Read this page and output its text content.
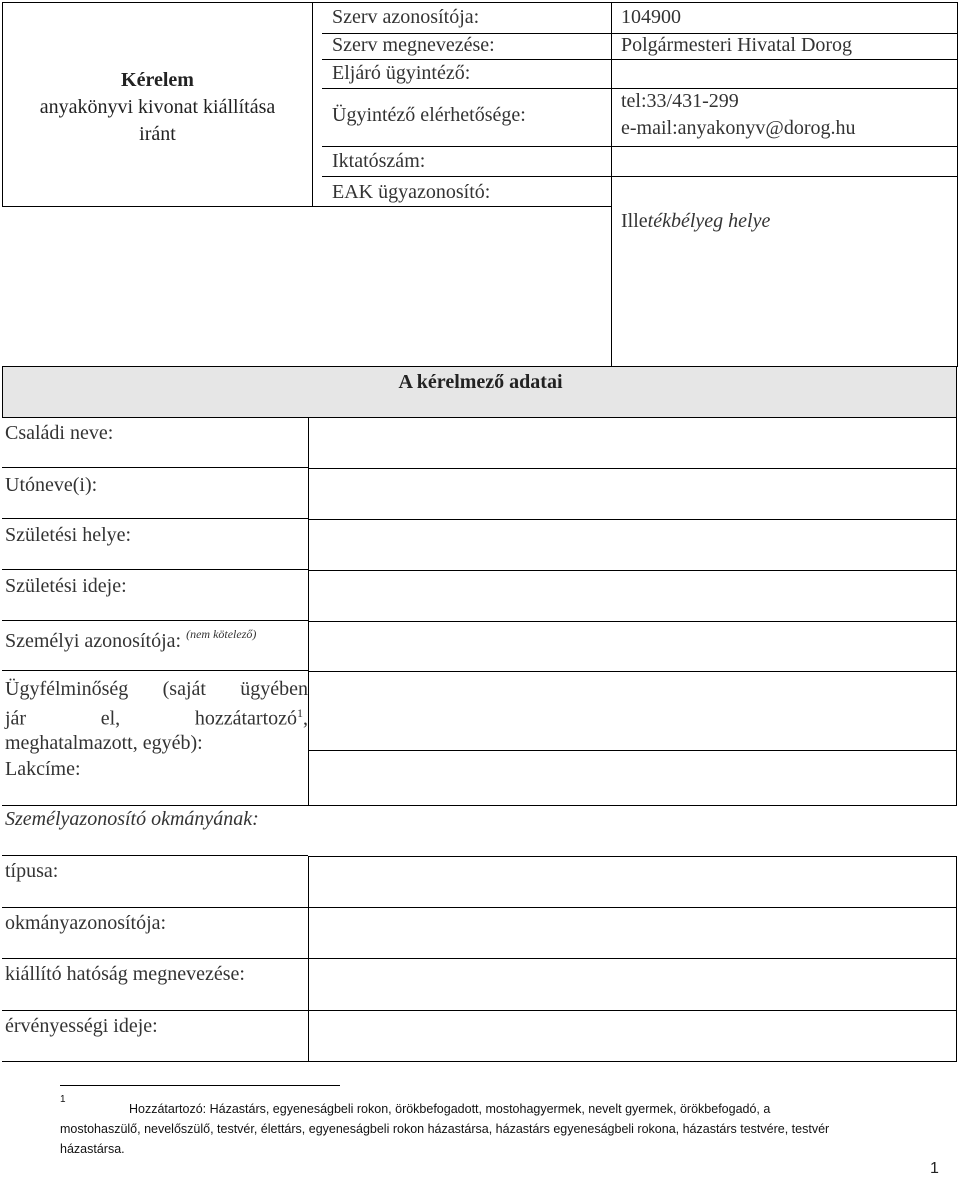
Kérelem
anyakönyvi kivonat kiállítása
iránt
Szerv azonosítója:
Szerv megnevezése:
Eljáró ügyintéző:
Ügyintéző elérhetősége:
Iktatószám:
EAK ügyazonosító:
104900
Polgármesteri Hivatal Dorog
tel:33/431-299
e-mail:anyakonyv@dorog.hu
Illetékbélyeg helye
A kérelmező adatai
Családi neve:
Utóneve(i):
Születési helye:
Születési ideje:
Személyi azonosítója: $^{(nem kötelező)}$
Ügyfélminőség (saját ügyében
jár el, hozzátartozó$^1$,
meghatalmazott, egyéb):
Lakcíme:
Személyazonosító okmányának:
típusa:
okmányazonosítója:
kiállító hatóság megnevezése:
érvényességi ideje:
1
Hozzátartozó: Házastárs, egyeneságbeli rokon, örökbefogadott, mostohagyermek, nevelt gyermek, örökbefogadó, a
mostohaszülő, nevelőszülő, testvér, élettárs, egyeneságbeli rokon házastársa, házastárs egyeneságbeli rokona, házastárs testvére, testvér
házastársa.
1
